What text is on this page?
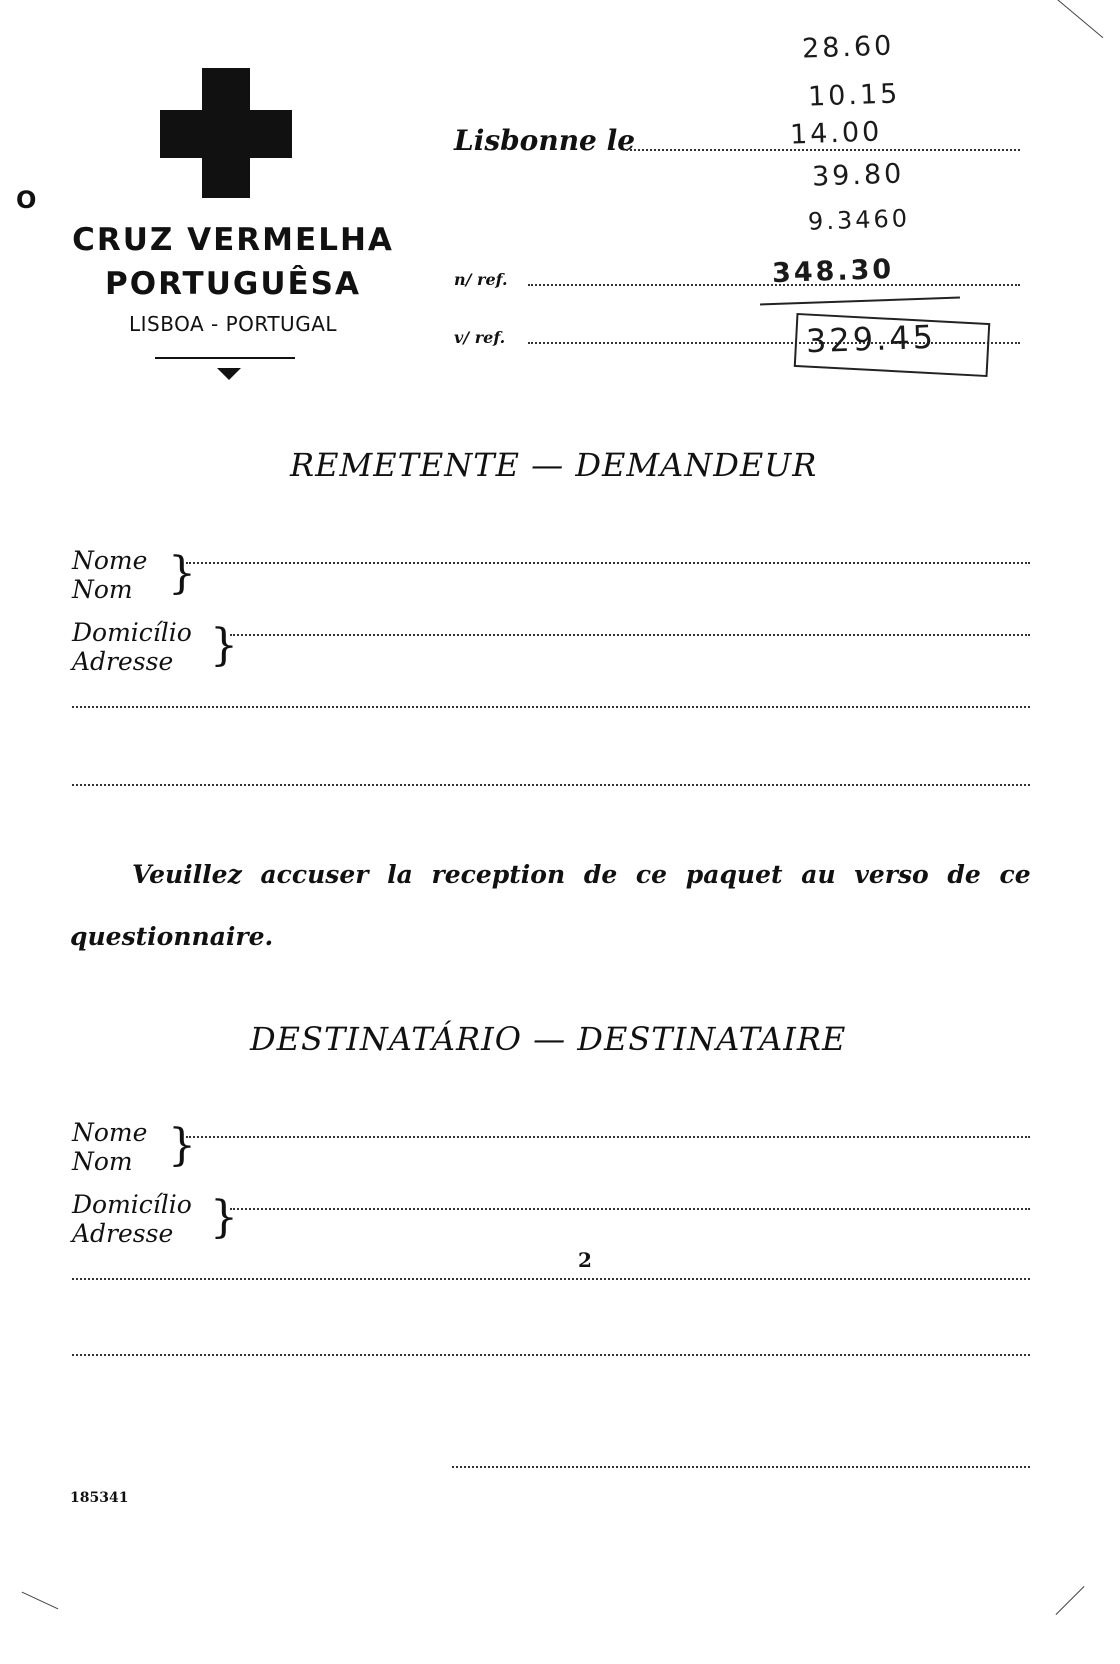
O
CRUZ VERMELHA
PORTUGUÊSA
LISBOA - PORTUGAL
Lisbonne le
n/ ref.
v/ ref.
28.60
10.15
14.00
39.80
9.3460
348.30
329.45
REMETENTE — DEMANDEUR
Nome
Nom }
Domicílio
Adresse }
Veuillez accuser la reception de ce paquet au verso de ce
questionnaire.
DESTINATÁRIO — DESTINATAIRE
Nome
Nom }
Domicílio
Adresse }
2
185341
